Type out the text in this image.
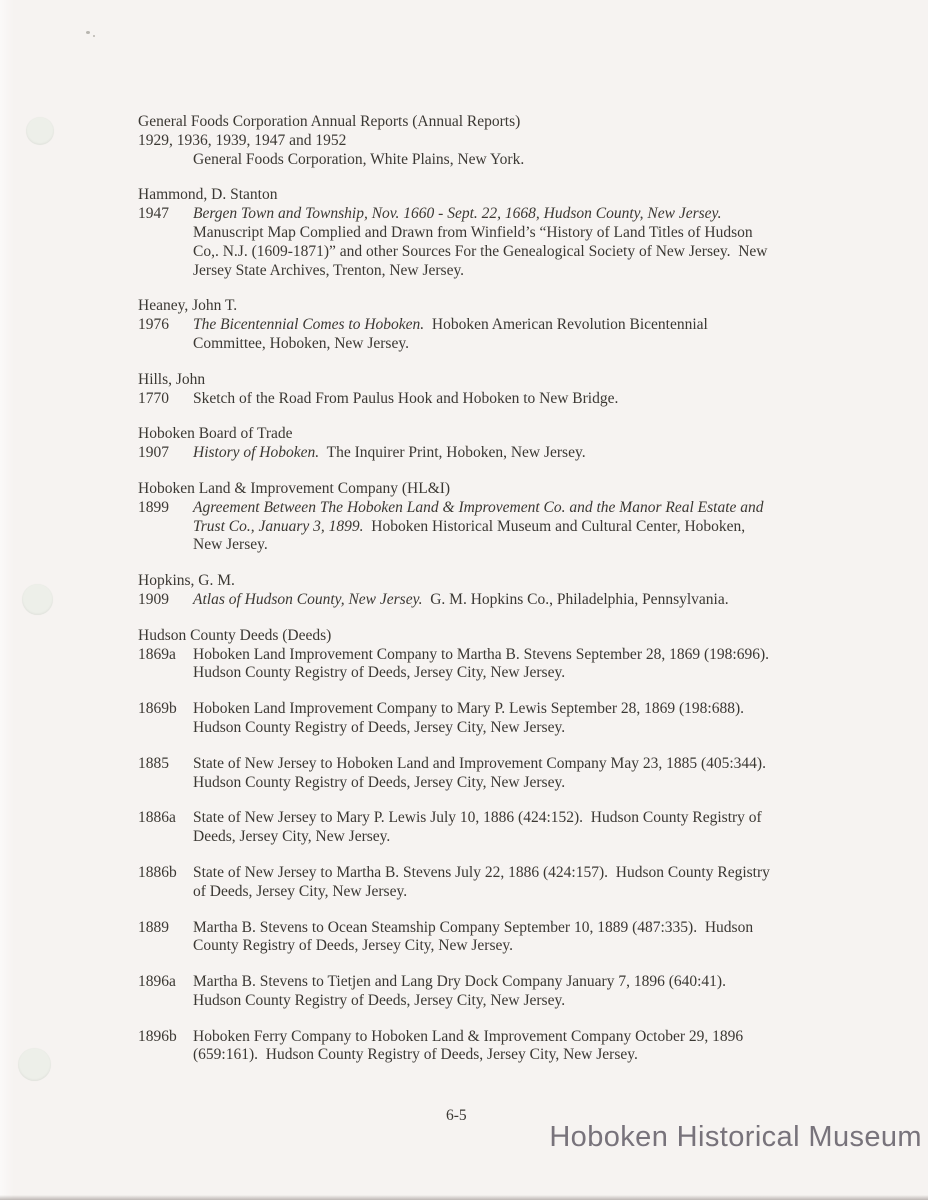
General Foods Corporation Annual Reports (Annual Reports)
1929, 1936, 1939, 1947 and 1952
General Foods Corporation, White Plains, New York.
Hammond, D. Stanton
1947	Bergen Town and Township, Nov. 1660 - Sept. 22, 1668, Hudson County, New Jersey. Manuscript Map Complied and Drawn from Winfield’s “History of Land Titles of Hudson Co,. N.J. (1609-1871)” and other Sources For the Genealogical Society of New Jersey.  New Jersey State Archives, Trenton, New Jersey.
Heaney, John T.
1976	The Bicentennial Comes to Hoboken.  Hoboken American Revolution Bicentennial Committee, Hoboken, New Jersey.
Hills, John
1770	Sketch of the Road From Paulus Hook and Hoboken to New Bridge.
Hoboken Board of Trade
1907	History of Hoboken.  The Inquirer Print, Hoboken, New Jersey.
Hoboken Land & Improvement Company (HL&I)
1899	Agreement Between The Hoboken Land & Improvement Co. and the Manor Real Estate and Trust Co., January 3, 1899.  Hoboken Historical Museum and Cultural Center, Hoboken, New Jersey.
Hopkins, G. M.
1909	Atlas of Hudson County, New Jersey.  G. M. Hopkins Co., Philadelphia, Pennsylvania.
Hudson County Deeds (Deeds)
1869a	Hoboken Land Improvement Company to Martha B. Stevens September 28, 1869 (198:696).  Hudson County Registry of Deeds, Jersey City, New Jersey.
1869b	Hoboken Land Improvement Company to Mary P. Lewis September 28, 1869 (198:688).  Hudson County Registry of Deeds, Jersey City, New Jersey.
1885	State of New Jersey to Hoboken Land and Improvement Company May 23, 1885 (405:344).  Hudson County Registry of Deeds, Jersey City, New Jersey.
1886a	State of New Jersey to Mary P. Lewis July 10, 1886 (424:152).  Hudson County Registry of Deeds, Jersey City, New Jersey.
1886b	State of New Jersey to Martha B. Stevens July 22, 1886 (424:157).  Hudson County Registry of Deeds, Jersey City, New Jersey.
1889	Martha B. Stevens to Ocean Steamship Company September 10, 1889 (487:335).  Hudson County Registry of Deeds, Jersey City, New Jersey.
1896a	Martha B. Stevens to Tietjen and Lang Dry Dock Company January 7, 1896 (640:41).  Hudson County Registry of Deeds, Jersey City, New Jersey.
1896b	Hoboken Ferry Company to Hoboken Land & Improvement Company October 29, 1896 (659:161).  Hudson County Registry of Deeds, Jersey City, New Jersey.
6-5
Hoboken Historical Museum
